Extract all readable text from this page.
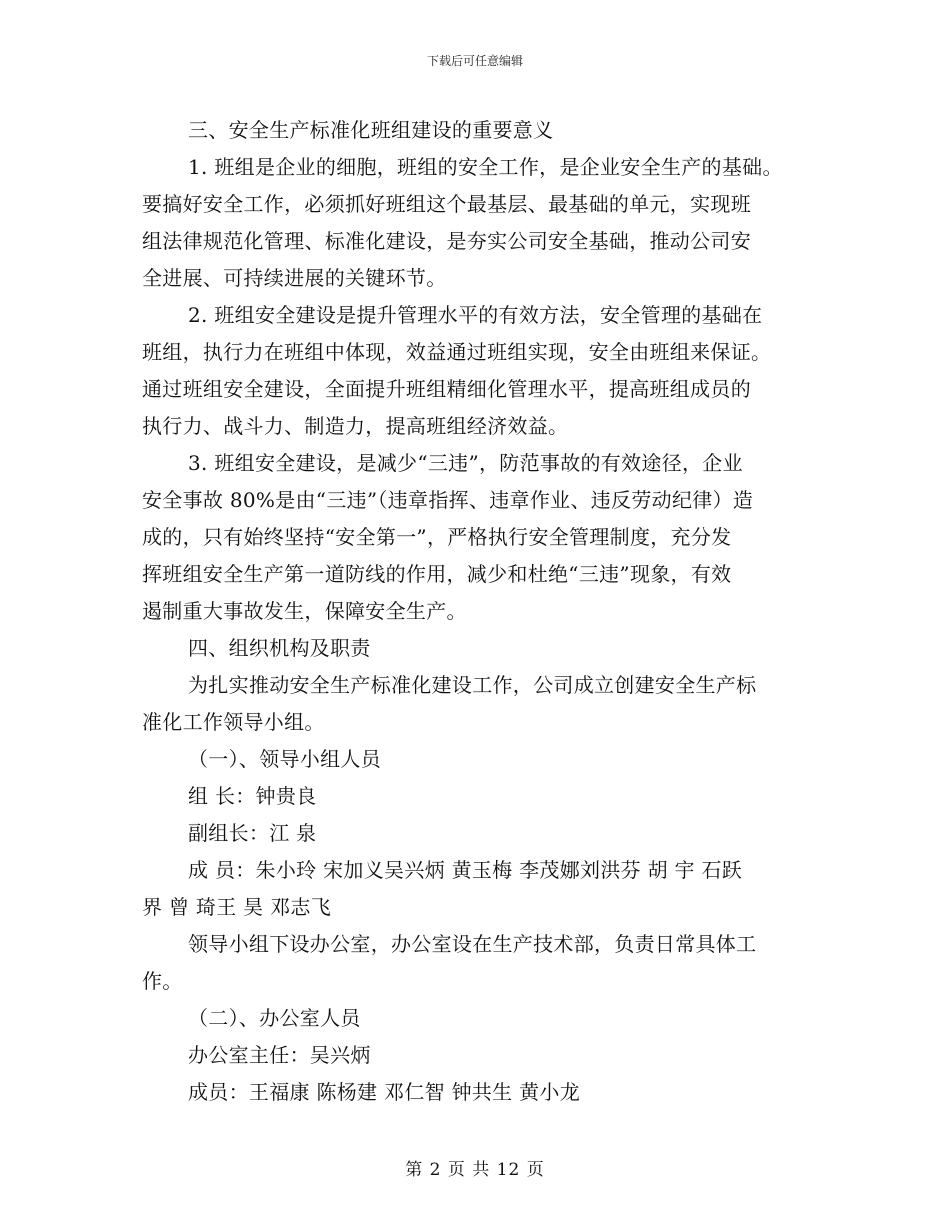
下载后可任意编辑
三、安全生产标准化班组建设的重要意义
1. 班组是企业的细胞，班组的安全工作，是企业安全生产的基础。
要搞好安全工作，必须抓好班组这个最基层、最基础的单元，实现班
组法律规范化管理、标准化建设，是夯实公司安全基础，推动公司安
全进展、可持续进展的关键环节。
2. 班组安全建设是提升管理水平的有效方法，安全管理的基础在
班组，执行力在班组中体现，效益通过班组实现，安全由班组来保证。
通过班组安全建设，全面提升班组精细化管理水平，提高班组成员的
执行力、战斗力、制造力，提高班组经济效益。
3. 班组安全建设，是减少“三违”，防范事故的有效途径，企业
安全事故 80%是由“三违”（违章指挥、违章作业、违反劳动纪律）造
成的，只有始终坚持“安全第一”，严格执行安全管理制度，充分发
挥班组安全生产第一道防线的作用，减少和杜绝“三违”现象，有效
遏制重大事故发生，保障安全生产。
四、组织机构及职责
为扎实推动安全生产标准化建设工作，公司成立创建安全生产标
准化工作领导小组。
（一）、领导小组人员
组 长：钟贵良
副组长：江 泉
成 员：朱小玲 宋加义吴兴炳 黄玉梅 李茂娜刘洪芬 胡 宇 石跃
界 曾 琦王 昊 邓志飞
领导小组下设办公室，办公室设在生产技术部，负责日常具体工
作。
（二）、办公室人员
办公室主任：吴兴炳
成员：王福康 陈杨建 邓仁智 钟共生 黄小龙
第 2 页 共 12 页
